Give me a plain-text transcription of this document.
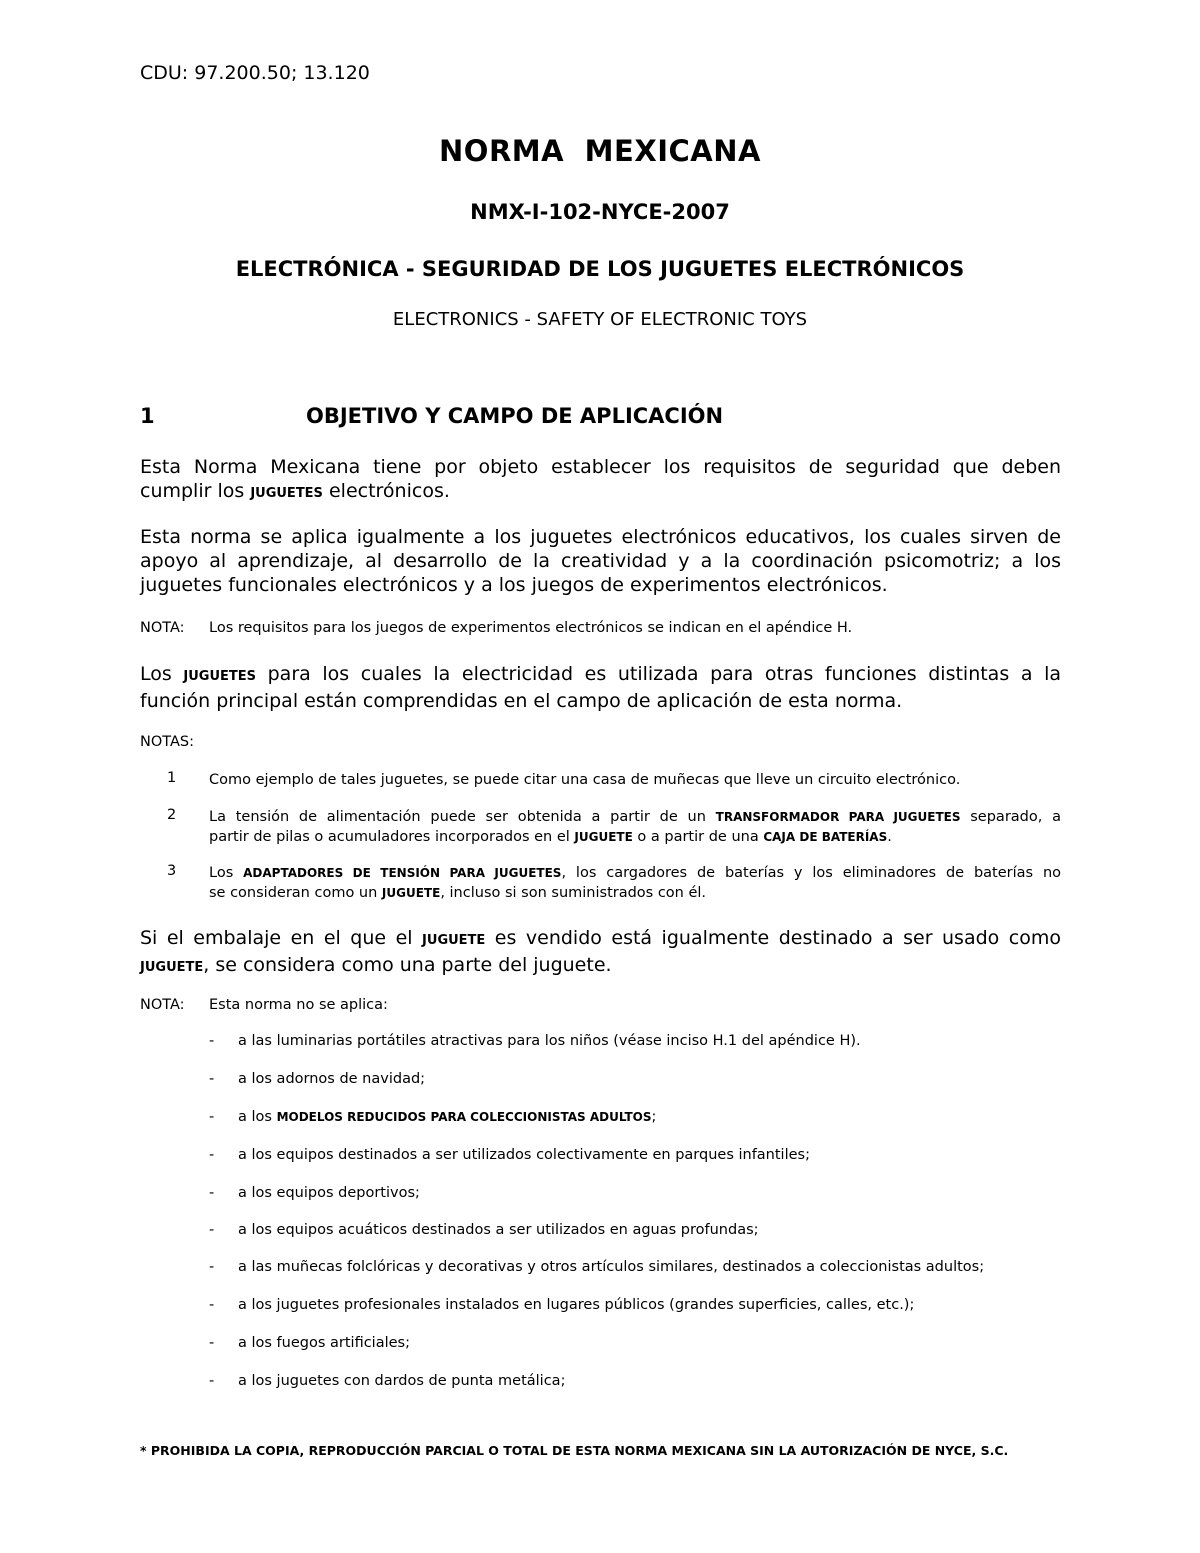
CDU: 97.200.50; 13.120
NORMA MEXICANA
NMX-I-102-NYCE-2007
ELECTRÓNICA - SEGURIDAD DE LOS JUGUETES ELECTRÓNICOS
ELECTRONICS - SAFETY OF ELECTRONIC TOYS
1	OBJETIVO Y CAMPO DE APLICACIÓN
Esta Norma Mexicana tiene por objeto establecer los requisitos de seguridad que deben
cumplir los JUGUETES electrónicos.
Esta norma se aplica igualmente a los juguetes electrónicos educativos, los cuales sirven de
apoyo al aprendizaje, al desarrollo de la creatividad y a la coordinación psicomotriz; a los
juguetes funcionales electrónicos y a los juegos de experimentos electrónicos.
NOTA: Los requisitos para los juegos de experimentos electrónicos se indican en el apéndice H.
Los JUGUETES para los cuales la electricidad es utilizada para otras funciones distintas a la
función principal están comprendidas en el campo de aplicación de esta norma.
NOTAS:
1 Como ejemplo de tales juguetes, se puede citar una casa de muñecas que lleve un circuito electrónico.
2 La tensión de alimentación puede ser obtenida a partir de un TRANSFORMADOR PARA JUGUETES separado, a
partir de pilas o acumuladores incorporados en el JUGUETE o a partir de una CAJA DE BATERÍAS.
3 Los ADAPTADORES DE TENSIÓN PARA JUGUETES, los cargadores de baterías y los eliminadores de baterías no
se consideran como un JUGUETE, incluso si son suministrados con él.
Si el embalaje en el que el JUGUETE es vendido está igualmente destinado a ser usado como
JUGUETE, se considera como una parte del juguete.
NOTA: Esta norma no se aplica:
- a las luminarias portátiles atractivas para los niños (véase inciso H.1 del apéndice H).
- a los adornos de navidad;
- a los MODELOS REDUCIDOS PARA COLECCIONISTAS ADULTOS;
- a los equipos destinados a ser utilizados colectivamente en parques infantiles;
- a los equipos deportivos;
- a los equipos acuáticos destinados a ser utilizados en aguas profundas;
- a las muñecas folclóricas y decorativas y otros artículos similares, destinados a coleccionistas adultos;
- a los juguetes profesionales instalados en lugares públicos (grandes superficies, calles, etc.);
- a los fuegos artificiales;
- a los juguetes con dardos de punta metálica;
* PROHIBIDA LA COPIA, REPRODUCCIÓN PARCIAL O TOTAL DE ESTA NORMA MEXICANA SIN LA AUTORIZACIÓN DE NYCE, S.C.
